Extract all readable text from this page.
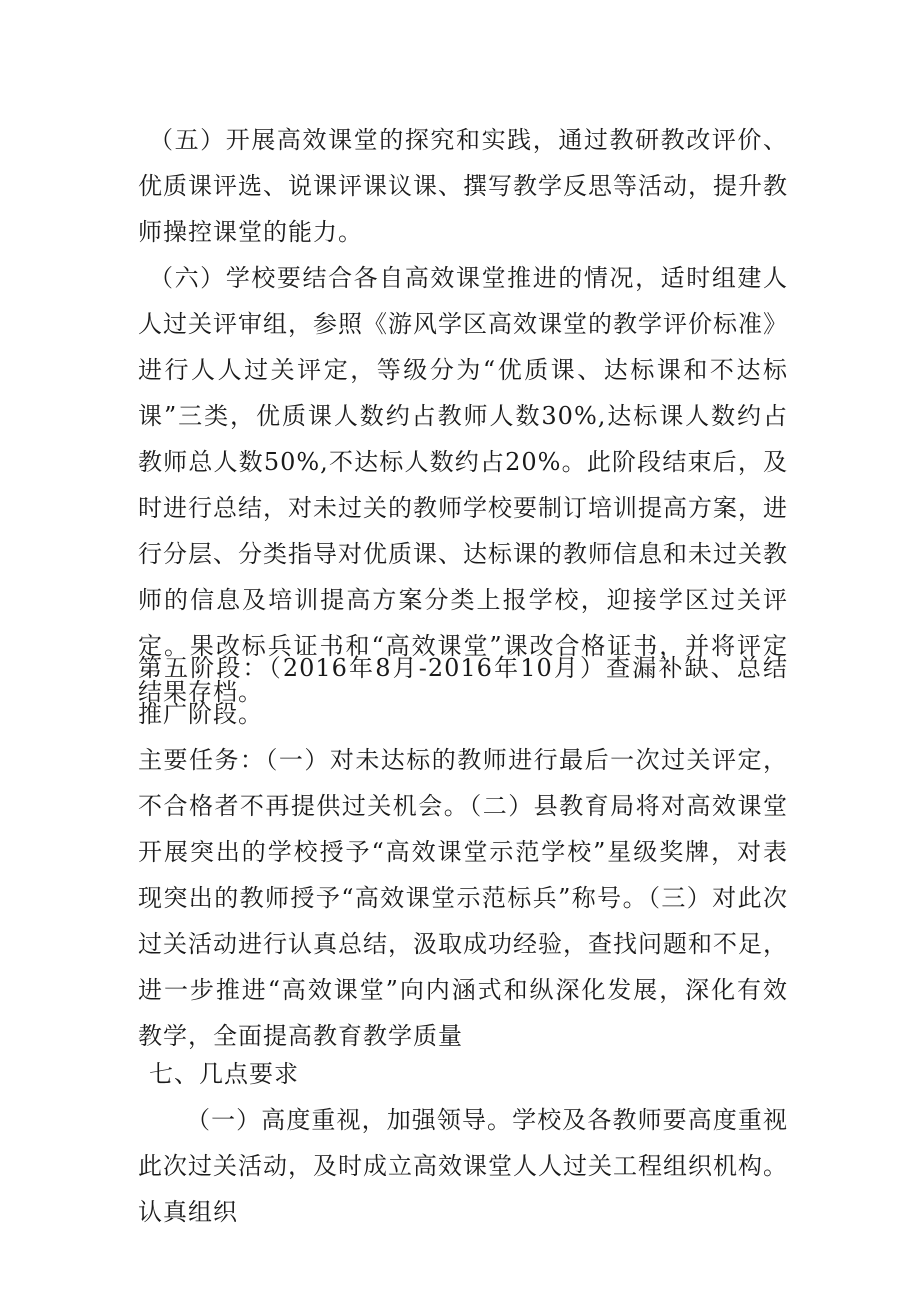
（五）开展高效课堂的探究和实践，通过教研教改评价、优质课评选、说课评课议课、撰写教学反思等活动，提升教师操控课堂的能力。

（六）学校要结合各自高效课堂推进的情况，适时组建人人过关评审组，参照《游风学区高效课堂的教学评价标准》进行人人过关评定，等级分为“优质课、达标课和不达标课”三类，优质课人数约占教师人数30%,达标课人数约占教师总人数50%,不达标人数约占20%。此阶段结束后，及时进行总结，对未过关的教师学校要制订培训提高方案，进行分层、分类指导对优质课、达标课的教师信息和未过关教师的信息及培训提高方案分类上报学校，迎接学区过关评定。果改标兵证书和“高效课堂”课改合格证书，并将评定结果存档。

第五阶段：（2016年8月-2016年10月）查漏补缺、总结推广阶段。

主要任务：（一）对未达标的教师进行最后一次过关评定，不合格者不再提供过关机会。（二）县教育局将对高效课堂开展突出的学校授予“高效课堂示范学校”星级奖牌，对表现突出的教师授予“高效课堂示范标兵”称号。（三）对此次过关活动进行认真总结，汲取成功经验，查找问题和不足，进一步推进“高效课堂”向内涵式和纵深化发展，深化有效教学，全面提高教育教学质量

七、几点要求

（一）高度重视，加强领导。学校及各教师要高度重视此次过关活动，及时成立高效课堂人人过关工程组织机构。认真组织
